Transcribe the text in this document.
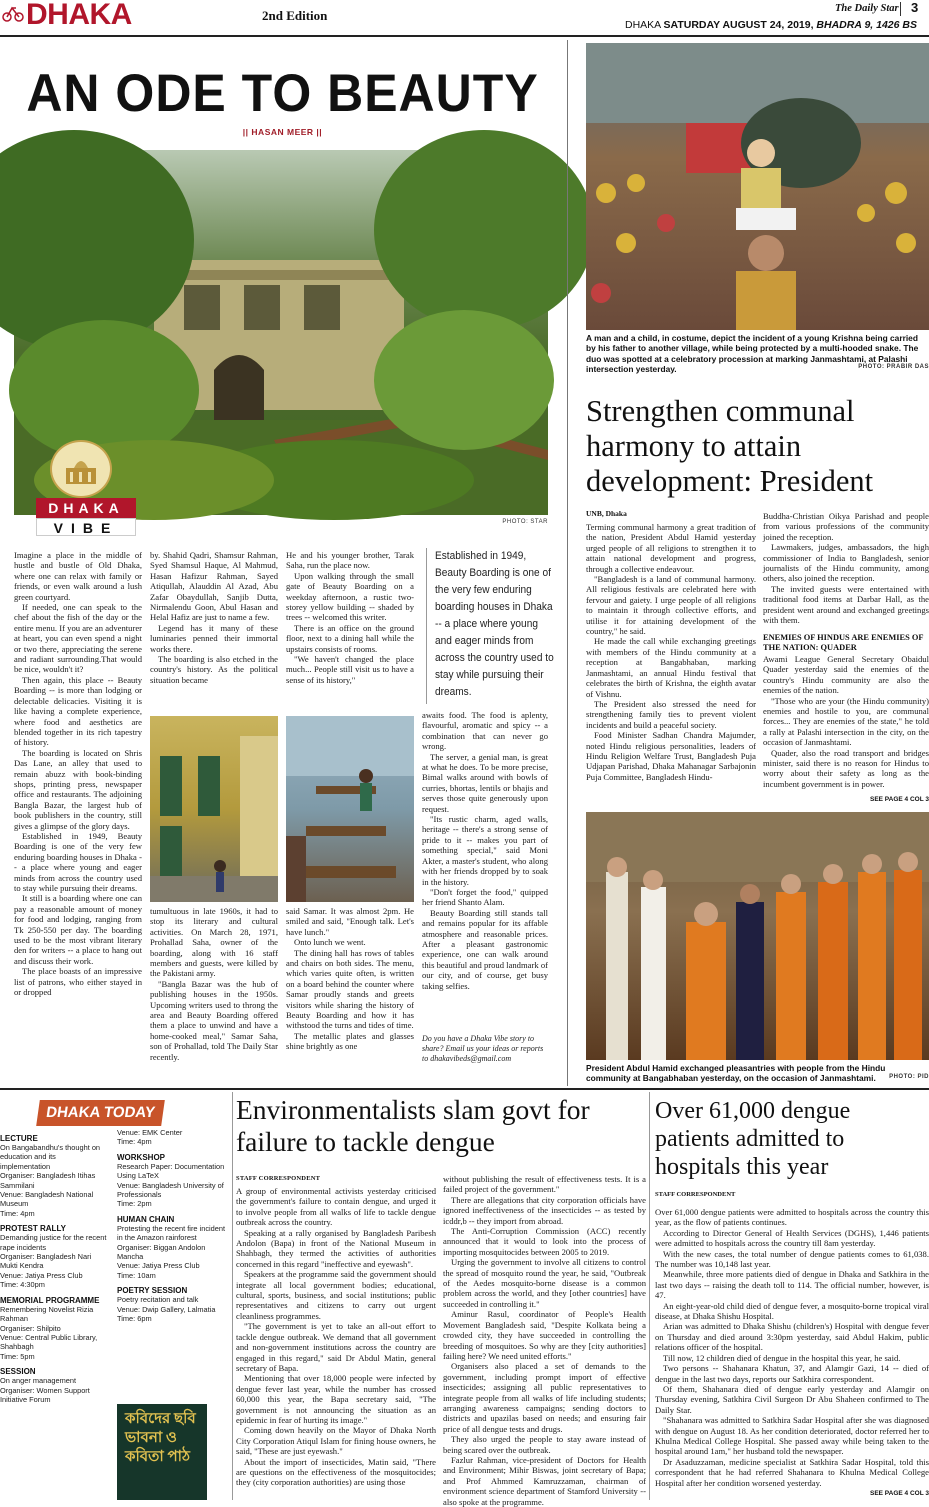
DHAKA	2nd Edition	The Daily Star 3
DHAKA SATURDAY AUGUST 24, 2019, BHADRA 9, 1426 BS
AN ODE TO BEAUTY
|| HASAN MEER ||
DHAKA
VIBE	PHOTO: STAR

Imagine a place in the middle of hustle and bustle of Old Dhaka, where one can relax with family or friends, or even walk around a lush green courtyard.

If needed, one can speak to the chef about the fish of the day or the entire menu. If you are an adventurer at heart, you can even spend a night or two there, appreciating the serene and radiant surrounding.That would be nice, wouldn't it?

Then again, this place -- Beauty Boarding -- is more than lodging or delectable delicacies. Visiting it is like having a complete experience, where food and aesthetics are blended together in its rich tapestry of history.

The boarding is located on Shris Das Lane, an alley that used to remain abuzz with book-binding shops, printing press, newspaper office and restaurants. The adjoining Bangla Bazar, the largest hub of book publishers in the country, still gives a glimpse of the glory days.

Established in 1949, Beauty Boarding is one of the very few enduring boarding houses in Dhaka -- a place where young and eager minds from across the country used to stay while pursuing their dreams.

It still is a boarding where one can pay a reasonable amount of money for food and lodging, ranging from Tk 250-550 per day. The boarding used to be the most vibrant literary den for writers -- a place to hang out and discuss their work.

The place boasts of an impressive list of patrons, who either stayed in or dropped

by. Shahid Qadri, Shamsur Rahman, Syed Shamsul Haque, Al Mahmud, Hasan Hafizur Rahman, Sayed Atiqullah, Alauddin Al Azad, Abu Zafar Obaydullah, Sanjib Dutta, Nirmalendu Goon, Abul Hasan and Helal Hafiz are just to name a few.

Legend has it many of these luminaries penned their immortal works there.

The boarding is also etched in the country's history. As the political situation became

He and his younger brother, Tarak Saha, run the place now.

Upon walking through the small gate of Beauty Boarding on a weekday afternoon, a rustic two-storey yellow building -- shaded by trees -- welcomed this writer.

There is an office on the ground floor, next to a dining hall while the upstairs consists of rooms.

"We haven't changed the place much... People still visit us to have a sense of its history,"

Established in 1949, Beauty Boarding is one of the very few enduring boarding houses in Dhaka -- a place where young and eager minds from across the country used to stay while pursuing their dreams.

tumultuous in late 1960s, it had to stop its literary and cultural activities. On March 28, 1971, Prohallad Saha, owner of the boarding, along with 16 staff members and guests, were killed by the Pakistani army.

"Bangla Bazar was the hub of publishing houses in the 1950s. Upcoming writers used to throng the area and Beauty Boarding offered them a place to unwind and have a home-cooked meal," Samar Saha, son of Prohallad, told The Daily Star recently.

said Samar. It was almost 2pm. He smiled and said, "Enough talk. Let's have lunch."

Onto lunch we went.

The dining hall has rows of tables and chairs on both sides. The menu, which varies quite often, is written on a board behind the counter where Samar proudly stands and greets visitors while sharing the history of Beauty Boarding and how it has withstood the turns and tides of time.

The metallic plates and glasses shine brightly as one

awaits food. The food is aplenty, flavourful, aromatic and spicy -- a combination that can never go wrong.

The server, a genial man, is great at what he does. To be more precise, Bimal walks around with bowls of curries, bhortas, lentils or bhajis and serves those quite generously upon request.

"Its rustic charm, aged walls, heritage -- there's a strong sense of pride to it -- makes you part of something special," said Moni Akter, a master's student, who along with her friends dropped by to soak in the history.

"Don't forget the food," quipped her friend Shanto Alam.

Beauty Boarding still stands tall and remains popular for its affable atmosphere and reasonable prices. After a pleasant gastronomic experience, one can walk around this beautiful and proud landmark of our city, and of course, get busy taking selfies.

Do you have a Dhaka Vibe story to share? Email us your ideas or reports to dhakavibeds@gmail.com
A man and a child, in costume, depict the incident of a young Krishna being carried by his father to another village, while being protected by a multi-hooded snake. The duo was spotted at a celebratory procession at marking Janmashtami, at Palashi intersection yesterday.	PHOTO: PRABIR DAS
Strengthen communal harmony to attain development: President
UNB, Dhaka

Terming communal harmony a great tradition of the nation, President Abdul Hamid yesterday urged people of all religions to strengthen it to attain national development and progress, through a collective endeavour.

"Bangladesh is a land of communal harmony. All religious festivals are celebrated here with fervour and gaiety. I urge people of all religions to maintain it through collective efforts, and utilise it for attaining development of the country," he said.

He made the call while exchanging greetings with members of the Hindu community at a reception at Bangabhaban, marking Janmashtami, an annual Hindu festival that celebrates the birth of Krishna, the eighth avatar of Vishnu.

The President also stressed the need for strengthening family ties to prevent violent incidents and build a peaceful society.

Food Minister Sadhan Chandra Majumder, noted Hindu religious personalities, leaders of Hindu Religion Welfare Trust, Bangladesh Puja Udjapan Parishad, Dhaka Mahanagar Sarbajonin Puja Committee, Bangladesh Hindu-

Buddha-Christian Oikya Parishad and people from various professions of the community joined the reception.

Lawmakers, judges, ambassadors, the high commissioner of India to Bangladesh, senior journalists of the Hindu community, among others, also joined the reception.

The invited guests were entertained with traditional food items at Darbar Hall, as the president went around and exchanged greetings with them.

ENEMIES OF HINDUS ARE ENEMIES OF THE NATION: QUADER

Awami League General Secretary Obaidul Quader yesterday said the enemies of the country's Hindu community are also the enemies of the nation.

"Those who are your (the Hindu community) enemies and hostile to you, are communal forces... They are enemies of the state," he told a rally at Palashi intersection in the city, on the occasion of Janmashtami.

Quader, also the road transport and bridges minister, said there is no reason for Hindus to worry about their safety as long as the incumbent government is in power.

SEE PAGE 4 COL 3
President Abdul Hamid exchanged pleasantries with people from the Hindu community at Bangabhaban yesterday, on the occasion of Janmashtami.	PHOTO: PID
DHAKA TODAY
LECTURE
On Bangabandhu's thought on education and its implementation
Organiser: Bangladesh Itihas Sammilani
Venue: Bangladesh National Museum
Time: 4pm
PROTEST RALLY
Demanding justice for the recent rape incidents
Organiser: Bangladesh Nari Mukti Kendra
Venue: Jatiya Press Club
Time: 4:30pm
MEMORIAL PROGRAMME
Remembering Novelist Rizia Rahman
Organiser: Shilpito
Venue: Central Public Library, Shahbagh
Time: 5pm
SESSION
On anger management
Organiser: Women Support Initiative Forum
Venue: EMK Center
Time: 4pm
WORKSHOP
Research Paper: Documentation Using LaTeX
Venue: Bangladesh University of Professionals
Time: 2pm
HUMAN CHAIN
Protesting the recent fire incident in the Amazon rainforest
Organiser: Biggan Andolon Mancha
Venue: Jatiya Press Club
Time: 10am
POETRY SESSION
Poetry recitation and talk
Venue: Dwip Gallery, Lalmatia
Time: 6pm
কবিদের ছবি ভাবনা ও কবিতা পাঠ
Environmentalists slam govt for failure to tackle dengue
STAFF CORRESPONDENT

A group of environmental activists yesterday criticised the government's failure to contain dengue, and urged it to involve people from all walks of life to tackle dengue outbreak across the country.

Speaking at a rally organised by Bangladesh Paribesh Andolon (Bapa) in front of the National Museum in Shahbagh, they termed the activities of authorities concerned in this regard "ineffective and eyewash".

Speakers at the programme said the government should integrate all local government bodies; educational, cultural, sports, business, and social institutions; public representatives and citizens to carry out urgent cleanliness programmes.

"The government is yet to take an all-out effort to tackle dengue outbreak. We demand that all government and non-government institutions across the country are engaged in this regard," said Dr Abdul Matin, general secretary of Bapa.

Mentioning that over 18,000 people were infected by dengue fever last year, while the number has crossed 60,000 this year, the Bapa secretary said, "The government is not announcing the situation as an epidemic in fear of hurting its image."

Coming down heavily on the Mayor of Dhaka North City Corporation Atiqul Islam for fining house owners, he said, "These are just eyewash."

About the import of insecticides, Matin said, "There are questions on the effectiveness of the mosquitocides; they (city corporation authorities) are using those

without publishing the result of effectiveness tests. It is a failed project of the government."

There are allegations that city corporation officials have ignored ineffectiveness of the insecticides -- as tested by icddr,b -- they import from abroad.

The Anti-Corruption Commission (ACC) recently announced that it would to look into the process of importing mosquitocides between 2005 to 2019.

Urging the government to involve all citizens to control the spread of mosquito round the year, he said, "Outbreak of the Aedes mosquito-borne disease is a common problem across the world, and they [other countries] have succeeded in controlling it."

Aminur Rasul, coordinator of People's Health Movement Bangladesh said, "Despite Kolkata being a crowded city, they have succeeded in controlling the breeding of mosquitoes. So why are they [city authorities] failing here? We need united efforts."

Organisers also placed a set of demands to the government, including prompt import of effective insecticides; assigning all public representatives to integrate people from all walks of life including students; arranging awareness campaigns; sending doctors to districts and upazilas based on needs; and ensuring fair price of all dengue tests and drugs.

They also urged the people to stay aware instead of being scared over the outbreak.

Fazlur Rahman, vice-president of Doctors for Health and Environment; Mihir Biswas, joint secretary of Bapa; and Prof Ahmmed Kamruzzaman, chairman of environment science department of Stamford University -- also spoke at the programme.

Over 61,000 dengue patients admitted to hospitals this year
STAFF CORRESPONDENT

Over 61,000 dengue patients were admitted to hospitals across the country this year, as the flow of patients continues.

According to Director General of Health Services (DGHS), 1,446 patients were admitted to hospitals across the country till 8am yesterday.

With the new cases, the total number of dengue patients comes to 61,038. The number was 10,148 last year.

Meanwhile, three more patients died of dengue in Dhaka and Satkhira in the last two days -- raising the death toll to 114. The official number, however, is 47.

An eight-year-old child died of dengue fever, a mosquito-borne tropical viral disease, at Dhaka Shishu Hospital.

Arian was admitted to Dhaka Shishu (children's) Hospital with dengue fever on Thursday and died around 3:30pm yesterday, said Abdul Hakim, public relations officer of the hospital.

Till now, 12 children died of dengue in the hospital this year, he said.

Two persons -- Shahanara Khatun, 37, and Alamgir Gazi, 14 -- died of dengue in the last two days, reports our Satkhira correspondent.

Of them, Shahanara died of dengue early yesterday and Alamgir on Thursday evening, Satkhira Civil Surgeon Dr Abu Shaheen confirmed to The Daily Star.

"Shahanara was admitted to Satkhira Sadar Hospital after she was diagnosed with dengue on August 18. As her condition deteriorated, doctor referred her to Khulna Medical College Hospital. She passed away while being taken to the hospital around 1am," her husband told the newspaper.

Dr Asaduzzaman, medicine specialist at Satkhira Sadar Hospital, told this correspondent that he had referred Shahanara to Khulna Medical College Hospital after her condition worsened yesterday.

SEE PAGE 4 COL 3
